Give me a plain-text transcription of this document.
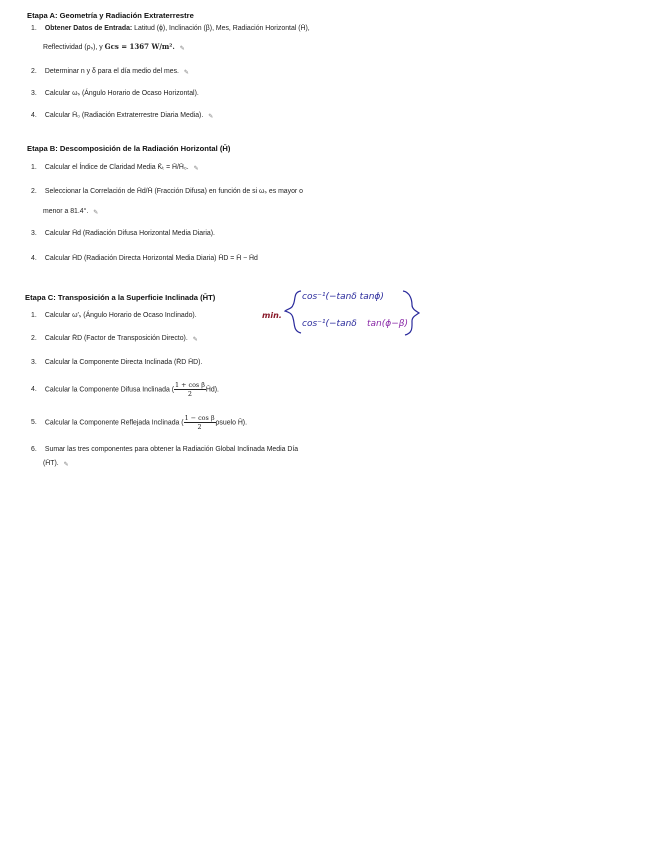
Etapa A: Geometría y Radiación Extraterrestre
1. Obtener Datos de Entrada: Latitud (ϕ), Inclinación (β), Mes, Radiación Horizontal (H̄),
Reflectividad (ρₛ), y Gcs = 1367 W/m². ✎
2. Determinar n y δ para el día medio del mes. ✎
3. Calcular ωₛ (Ángulo Horario de Ocaso Horizontal).
4. Calcular H̄₀ (Radiación Extraterrestre Diaria Media). ✎
Etapa B: Descomposición de la Radiación Horizontal (H̄)
1. Calcular el Índice de Claridad Media K̄ₜ = H̄/H̄₀. ✎
2. Seleccionar la Correlación de H̄d/H̄ (Fracción Difusa) en función de si ωₛ es mayor o
menor a 81.4°. ✎
3. Calcular H̄d (Radiación Difusa Horizontal Media Diaria).
4. Calcular H̄D (Radiación Directa Horizontal Media Diaria) H̄D = H̄ − H̄d
Etapa C: Transposición a la Superficie Inclinada (H̄T)
1. Calcular ω′ₛ (Ángulo Horario de Ocaso Inclinado).
2. Calcular R̄D (Factor de Transposición Directo). ✎
3. Calcular la Componente Directa Inclinada (R̄D H̄D).
4. Calcular la Componente Difusa Inclinada ( $\frac{\text{1 + cos β}}{2}$ H̄d).
5. Calcular la Componente Reflejada Inclinada ( $\frac{\text{1 − cos β}}{2}$ ρsuelo H̄).
6. Sumar las tres componentes para obtener la Radiación Global Inclinada Media Día
(H̄T). ✎
min.
cos⁻¹(−tanδ tanϕ)
cos⁻¹(−tanδ tan(ϕ−β)
